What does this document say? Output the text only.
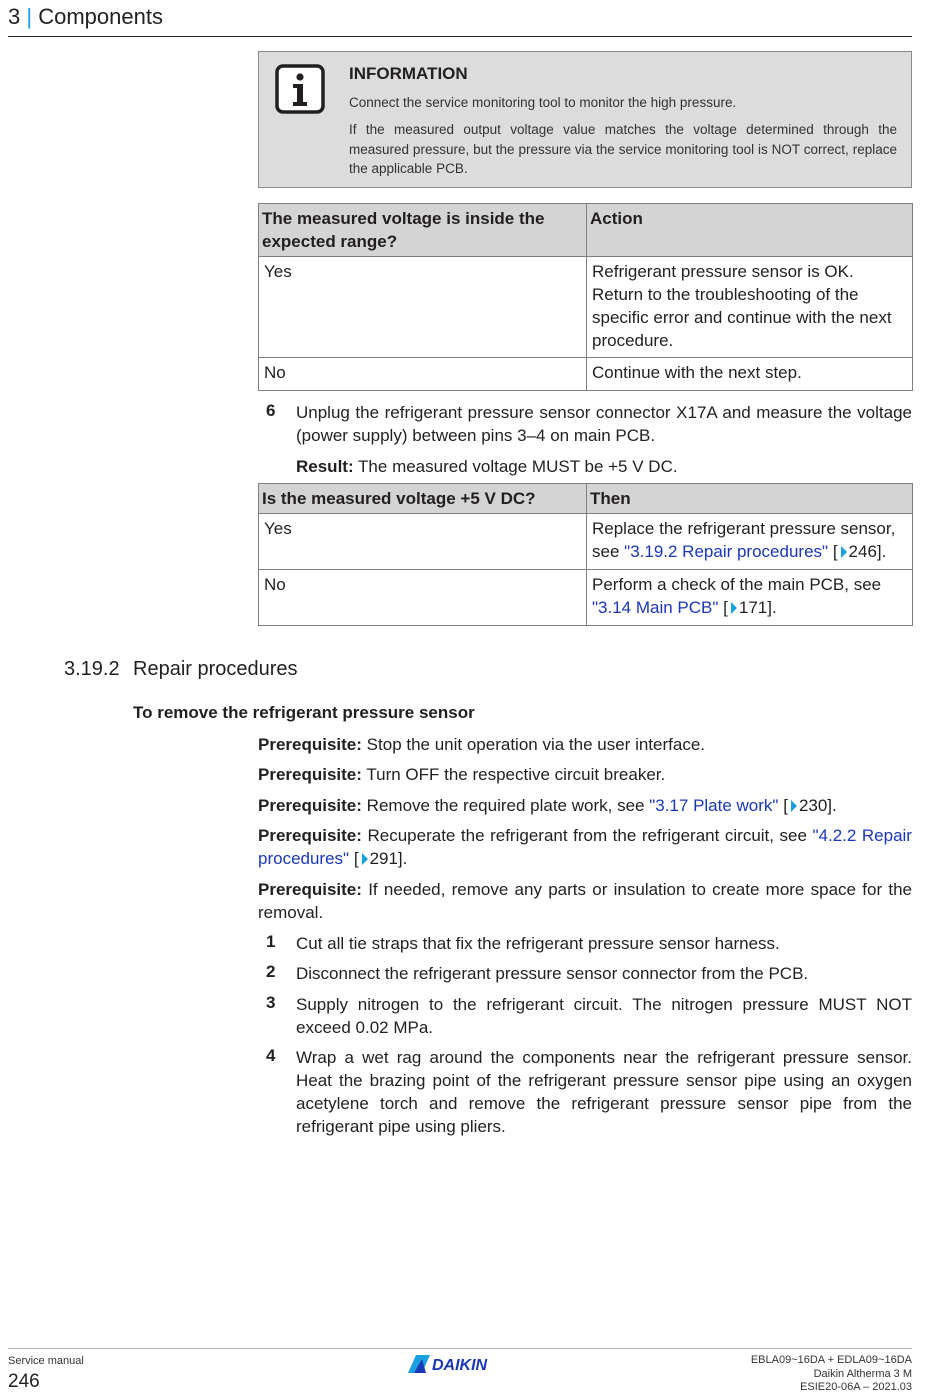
3 | Components
INFORMATION
Connect the service monitoring tool to monitor the high pressure.
If the measured output voltage value matches the voltage determined through the measured pressure, but the pressure via the service monitoring tool is NOT correct, replace the applicable PCB.
The measured voltage is inside the expected range?	Action
Yes	Refrigerant pressure sensor is OK. Return to the troubleshooting of the specific error and continue with the next procedure.
No	Continue with the next step.
6 Unplug the refrigerant pressure sensor connector X17A and measure the voltage (power supply) between pins 3–4 on main PCB.
Result: The measured voltage MUST be +5 V DC.
Is the measured voltage +5 V DC?	Then
Yes	Replace the refrigerant pressure sensor, see "3.19.2 Repair procedures" [ 246].
No	Perform a check of the main PCB, see "3.14 Main PCB" [ 171].
3.19.2 Repair procedures
To remove the refrigerant pressure sensor
Prerequisite: Stop the unit operation via the user interface.
Prerequisite: Turn OFF the respective circuit breaker.
Prerequisite: Remove the required plate work, see "3.17 Plate work" [ 230].
Prerequisite: Recuperate the refrigerant from the refrigerant circuit, see "4.2.2 Repair procedures" [ 291].
Prerequisite: If needed, remove any parts or insulation to create more space for the removal.
1 Cut all tie straps that fix the refrigerant pressure sensor harness.
2 Disconnect the refrigerant pressure sensor connector from the PCB.
3 Supply nitrogen to the refrigerant circuit. The nitrogen pressure MUST NOT exceed 0.02 MPa.
4 Wrap a wet rag around the components near the refrigerant pressure sensor. Heat the brazing point of the refrigerant pressure sensor pipe using an oxygen acetylene torch and remove the refrigerant pressure sensor pipe from the refrigerant pipe using pliers.
Service manual
246
DAIKIN	EBLA09~16DA + EDLA09~16DA
Daikin Altherma 3 M
ESIE20-06A – 2021.03
